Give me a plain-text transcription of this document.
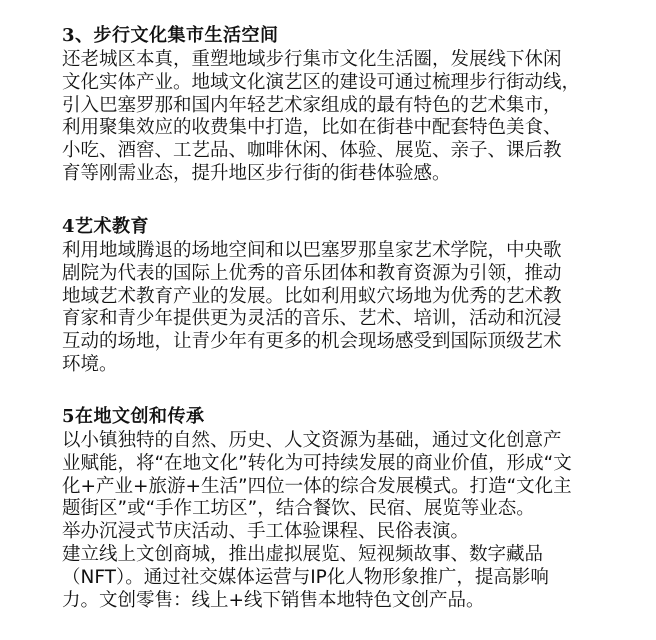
3、步行文化集市生活空间
还老城区本真，重塑地域步行集市文化生活圈，发展线下休闲
文化实体产业。地域文化演艺区的建设可通过梳理步行街动线，
引入巴塞罗那和国内年轻艺术家组成的最有特色的艺术集市，
利用聚集效应的收费集中打造，比如在街巷中配套特色美食、
小吃、酒窖、工艺品、咖啡休闲、体验、展览、亲子、课后教
育等刚需业态，提升地区步行街的街巷体验感。
4艺术教育
利用地域腾退的场地空间和以巴塞罗那皇家艺术学院，中央歌
剧院为代表的国际上优秀的音乐团体和教育资源为引领，推动
地域艺术教育产业的发展。比如利用蚁穴场地为优秀的艺术教
育家和青少年提供更为灵活的音乐、艺术、培训，活动和沉浸
互动的场地，让青少年有更多的机会现场感受到国际顶级艺术
环境。
5在地文创和传承
以小镇独特的自然、历史、人文资源为基础，通过文化创意产
业赋能，将“在地文化”转化为可持续发展的商业价值，形成“文
化+产业+旅游+生活”四位一体的综合发展模式。打造“文化主
题街区”或“手作工坊区”，结合餐饮、民宿、展览等业态。
举办沉浸式节庆活动、手工体验课程、民俗表演。
建立线上文创商城，推出虚拟展览、短视频故事、数字藏品
（NFT）。通过社交媒体运营与IP化人物形象推广，提高影响
力。文创零售：线上+线下销售本地特色文创产品。
